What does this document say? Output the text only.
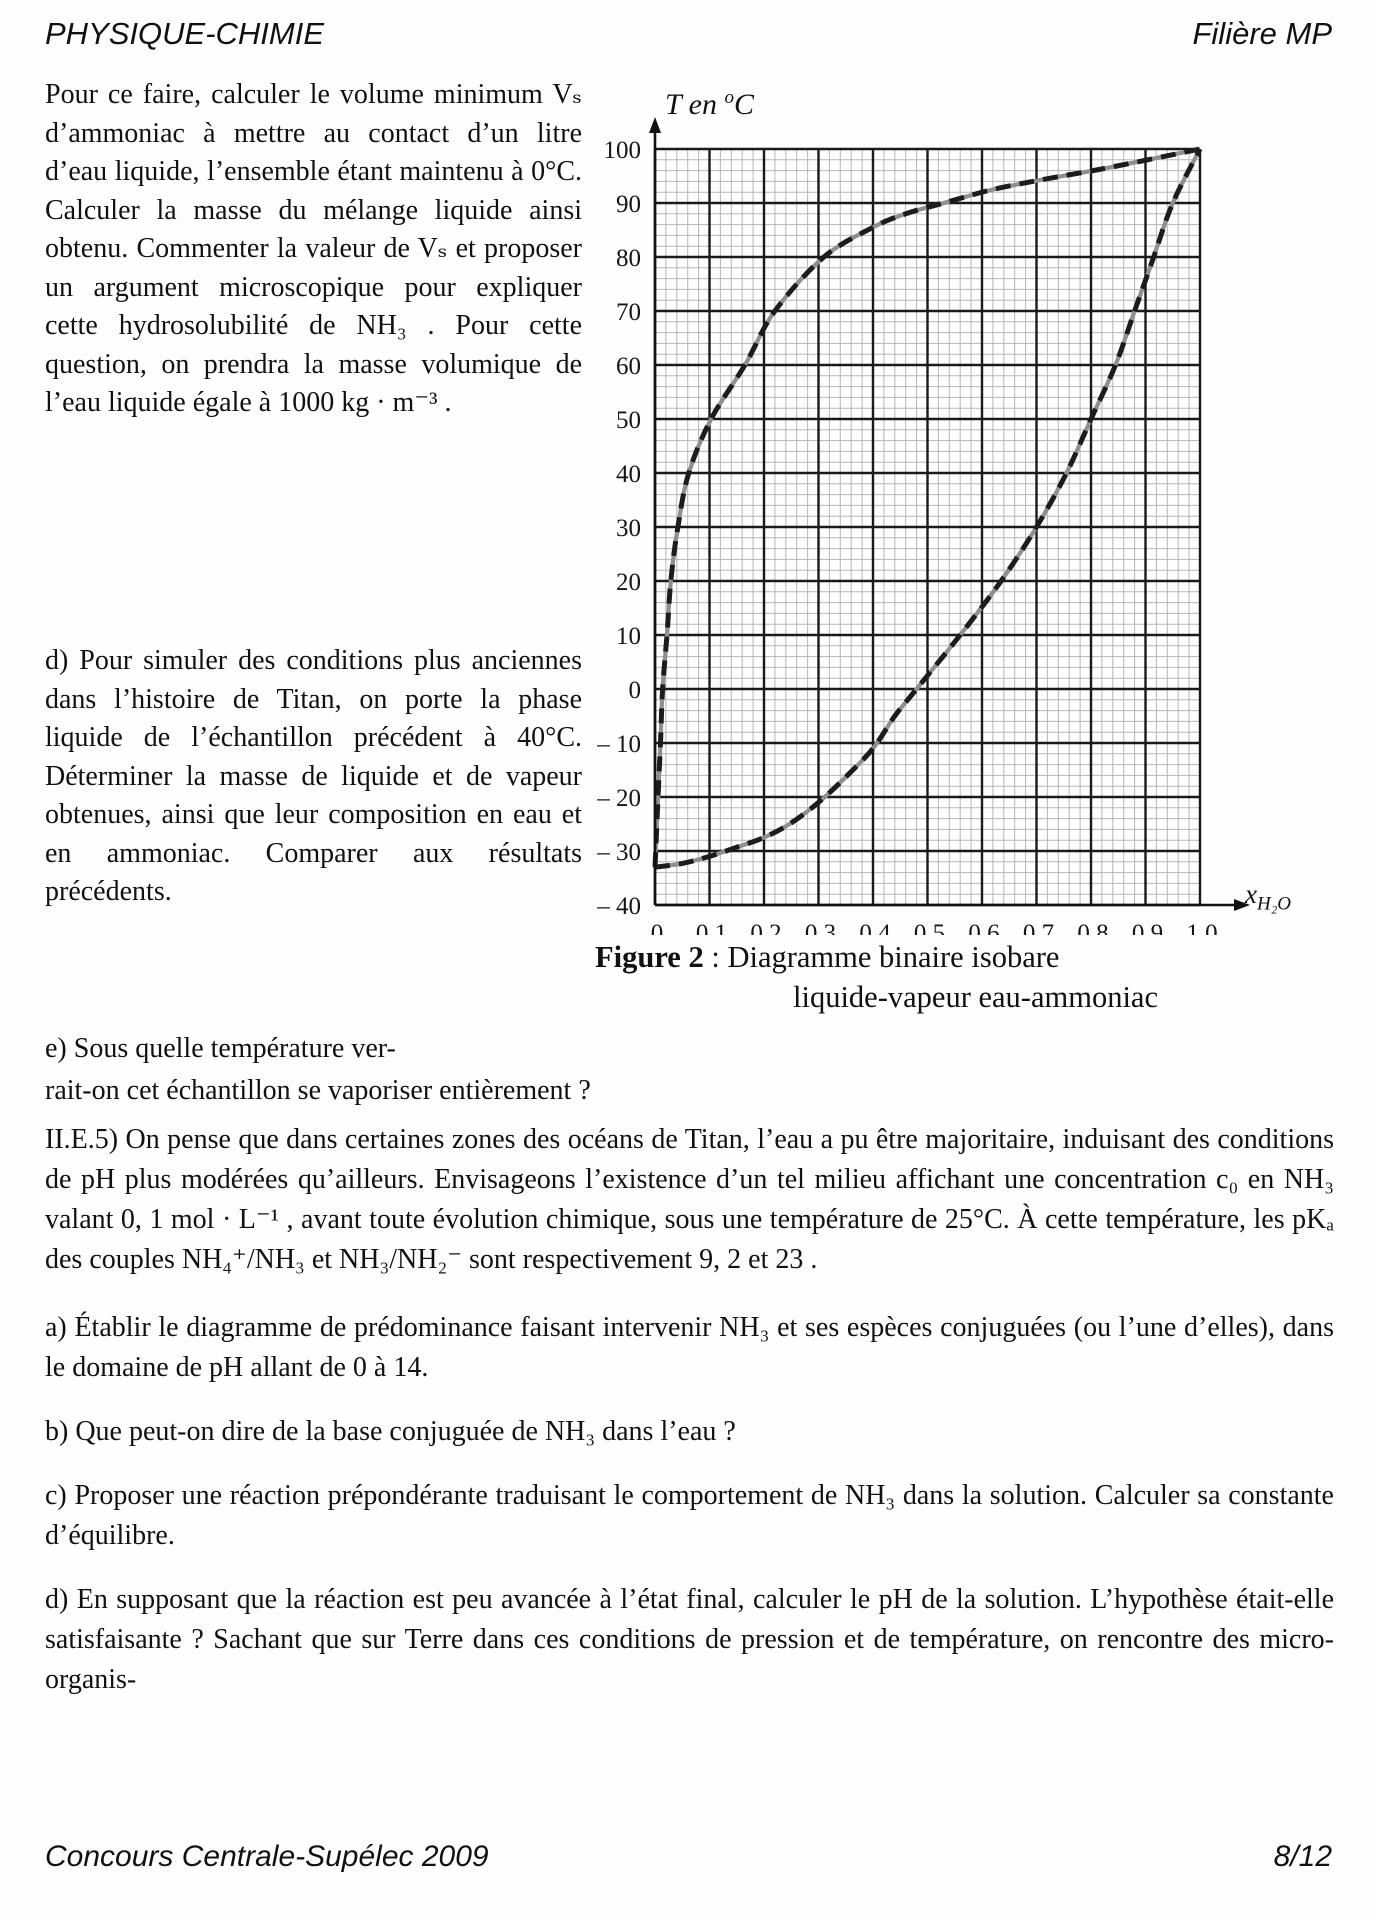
PHYSIQUE-CHIMIE	Filière MP
Pour ce faire, calculer le volume minimum Vₛ d’ammoniac à mettre au contact d’un litre d’eau liquide, l’ensemble étant maintenu à 0°C. Calculer la masse du mélange liquide ainsi obtenu. Commenter la valeur de Vₛ et proposer un argument microscopique pour expliquer cette hydrosolubilité de NH₃ . Pour cette question, on prendra la masse volumique de l’eau liquide égale à 1000 kg · m⁻³ .
d) Pour simuler des conditions plus anciennes dans l’histoire de Titan, on porte la phase liquide de l’échantillon précédent à 40°C. Déterminer la masse de liquide et de vapeur obtenues, ainsi que leur composition en eau et en ammoniac. Comparer aux résultats précédents.
e) Sous quelle température ver-
rait-on cet échantillon se vaporiser entièrement ?
100
90
80
70
60
50
40
30
20
10
0
– 10
– 20
– 30
– 40
0 0.1 0.2 0.3 0.4 0.5 0.6 0.7 0.8 0.9 1.0
T en $^o$C
$x_{H_2O}$
Figure 2 : Diagramme binaire isobare
liquide-vapeur eau-ammoniac

II.E.5) On pense que dans certaines zones des océans de Titan, l’eau a pu être majoritaire, induisant des conditions de pH plus modérées qu’ailleurs. Envisageons l’existence d’un tel milieu affichant une concentration c₀ en NH₃ valant 0, 1 mol · L⁻¹ , avant toute évolution chimique, sous une température de 25°C. À cette température, les pKₐ des couples NH₄⁺/NH₃ et NH₃/NH₂⁻ sont respectivement 9, 2 et 23 .

a) Établir le diagramme de prédominance faisant intervenir NH₃ et ses espèces conjuguées (ou l’une d’elles), dans le domaine de pH allant de 0 à 14.

b) Que peut-on dire de la base conjuguée de NH₃ dans l’eau ?

c) Proposer une réaction prépondérante traduisant le comportement de NH₃ dans la solution. Calculer sa constante d’équilibre.

d) En supposant que la réaction est peu avancée à l’état final, calculer le pH de la solution. L’hypothèse était-elle satisfaisante ? Sachant que sur Terre dans ces conditions de pression et de température, on rencontre des micro-organis-

Concours Centrale-Supélec 2009	8/12
